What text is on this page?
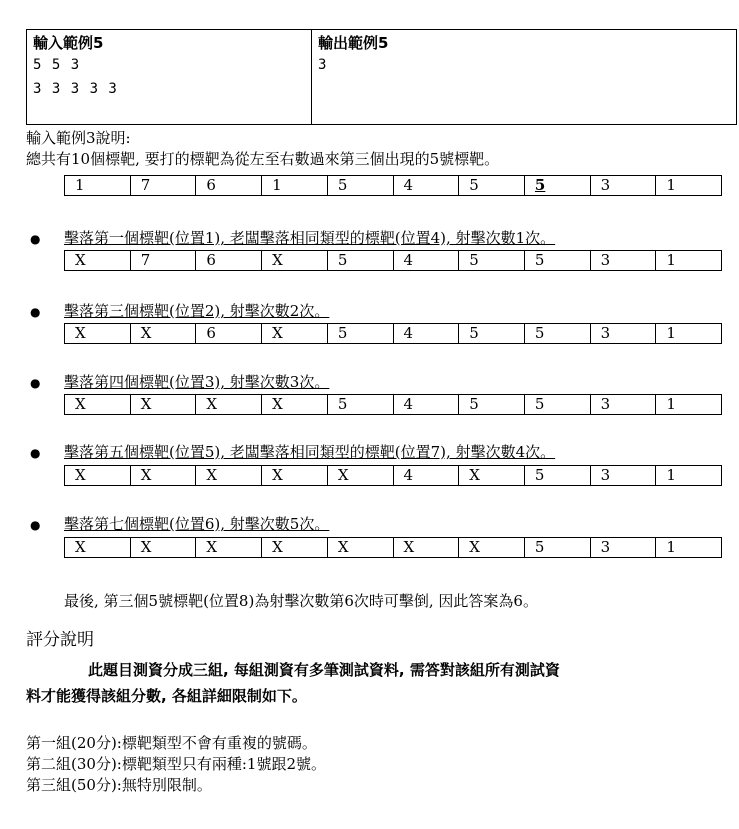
輸入範例5
5 5 3
3 3 3 3 3
輸出範例5
3
輸入範例3說明:
總共有10個標靶, 要打的標靶為從左至右數過來第三個出現的5號標靶。
1	7	6	1	5	4	5	5	3	1
● 擊落第一個標靶(位置1), 老闆擊落相同類型的標靶(位置4), 射擊次數1次。
X	7	6	X	5	4	5	5	3	1
● 擊落第三個標靶(位置2), 射擊次數2次。
X	X	6	X	5	4	5	5	3	1
● 擊落第四個標靶(位置3), 射擊次數3次。
X	X	X	X	5	4	5	5	3	1
● 擊落第五個標靶(位置5), 老闆擊落相同類型的標靶(位置7), 射擊次數4次。
X	X	X	X	X	4	X	5	3	1
● 擊落第七個標靶(位置6), 射擊次數5次。
X	X	X	X	X	X	X	5	3	1
最後, 第三個5號標靶(位置8)為射擊次數第6次時可擊倒, 因此答案為6。
評分說明
此題目測資分成三組, 每組測資有多筆測試資料, 需答對該組所有測試資
料才能獲得該組分數, 各組詳細限制如下。
第一組(20分):標靶類型不會有重複的號碼。
第二組(30分):標靶類型只有兩種:1號跟2號。
第三組(50分):無特別限制。
